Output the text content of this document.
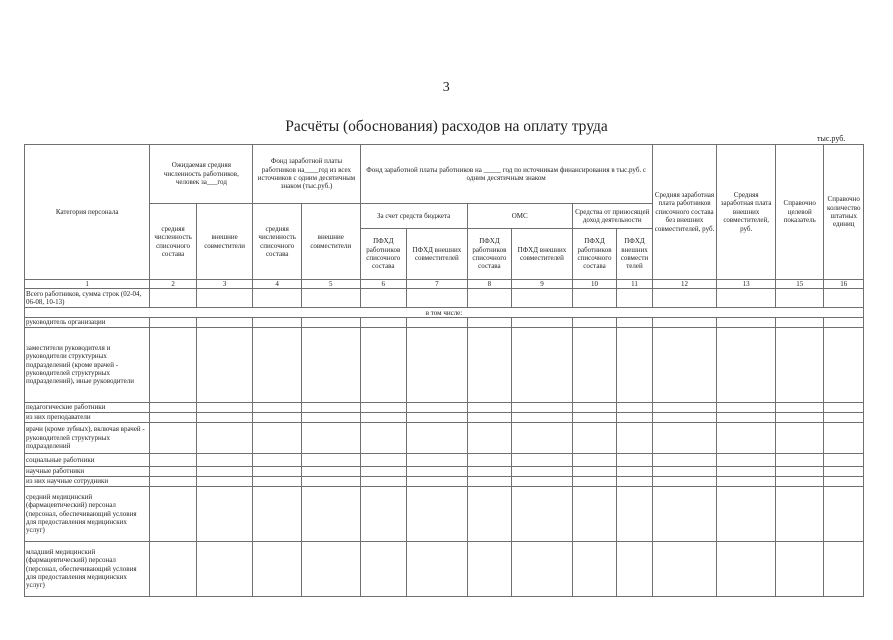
3
Расчёты (обоснования) расходов на оплату труда
тыс.руб.
Категория персонала	Ожидаемая средняя численность работников, человек за___год		Фонд заработной платы работников на____год из всех источников с одним десятичным знаком (тыс.руб.)		Фонд заработной платы работников на _____ год по источникам финансирования в тыс.руб. с одним десятичным знаком						Средняя заработная плата работников списочного состава без внешних совместителей, руб.	Средняя заработная плата внешних совместителей, руб.	Справочно целевой показатель	Справочно количество штатных единиц
	средняя численность списочного состава	внешние совместители	средняя численность списочного состава	внешние совместители	За счет средств бюджета		ОМС		Средства от приносящей доход деятельности					
					ПФХД работников списочного состава	ПФХД внешних совместителей	ПФХД работников списочного состава	ПФХД внешних совместителей	ПФХД работников списочного состава	ПФХД внешних совмести телей				
1	2	3	4	5	6	7	8	9	10	11	12	13	15	16
Всего работников, сумма строк (02-04, 06-08, 10-13)														
в том числе:														
руководитель организации														
заместители руководителя и руководители структурных подразделений (кроме врачей - руководителей структурных подразделений), иные руководители														
педагогические работники														
из них преподаватели														
врачи (кроме зубных), включая врачей - руководителей структурных подразделений														
социальные работники														
научные работники														
из них научные сотрудники														
средний медицинский (фармацевтический) персонал (персонал, обеспечивающий условия для предоставления медицинских услуг)														
младший медицинский (фармацевтический) персонал (персонал, обеспечивающий условия для предоставления медицинских услуг)														
